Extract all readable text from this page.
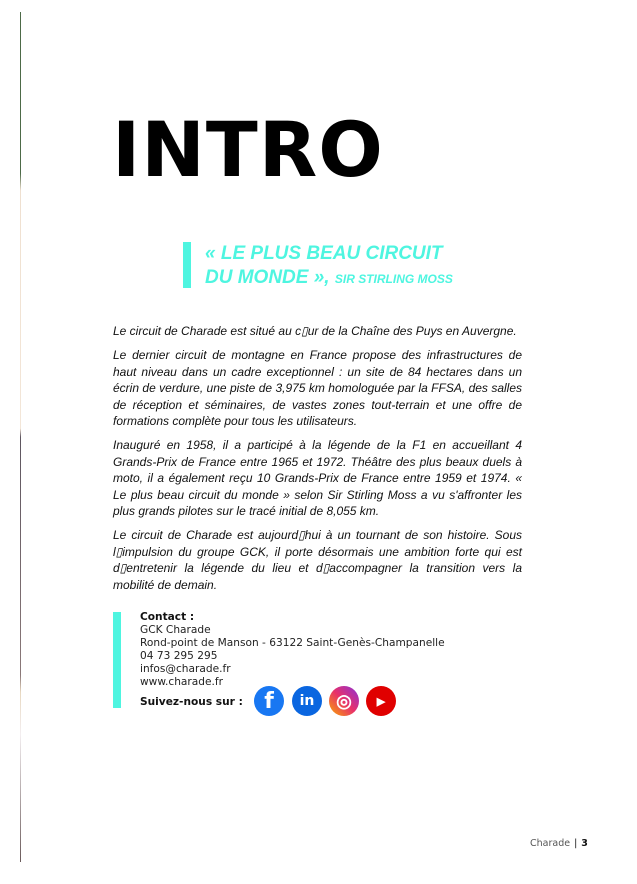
INTRO
« LE PLUS BEAU CIRCUIT
DU MONDE », SIR STIRLING MOSS

Le circuit de Charade est situé au c▯ur de la Chaîne des Puys en Auvergne.

Le dernier circuit de montagne en France propose des infrastructures de haut niveau dans un cadre exceptionnel : un site de 84 hectares dans un écrin de verdure, une piste de 3,975 km homologuée par la FFSA, des salles de réception et séminaires, de vastes zones tout-terrain et une offre de formations complète pour tous les utilisateurs.

Inauguré en 1958, il a participé à la légende de la F1 en accueillant 4 Grands-Prix de France entre 1965 et 1972. Théâtre des plus beaux duels à moto, il a également reçu 10 Grands-Prix de France entre 1959 et 1974. « Le plus beau circuit du monde » selon Sir Stirling Moss a vu s'affronter les plus grands pilotes sur le tracé initial de 8,055 km.

Le circuit de Charade est aujourd▯hui à un tournant de son histoire. Sous l▯impulsion du groupe GCK, il porte désormais une ambition forte qui est d▯entretenir la légende du lieu et d▯accompagner la transition vers la mobilité de demain.

Contact :
GCK Charade
Rond-point de Manson - 63122 Saint-Genès-Champanelle
04 73 295 295
infos@charade.fr
www.charade.fr
Suivez-nous sur : f	in	◎	▶
Charade | 3
